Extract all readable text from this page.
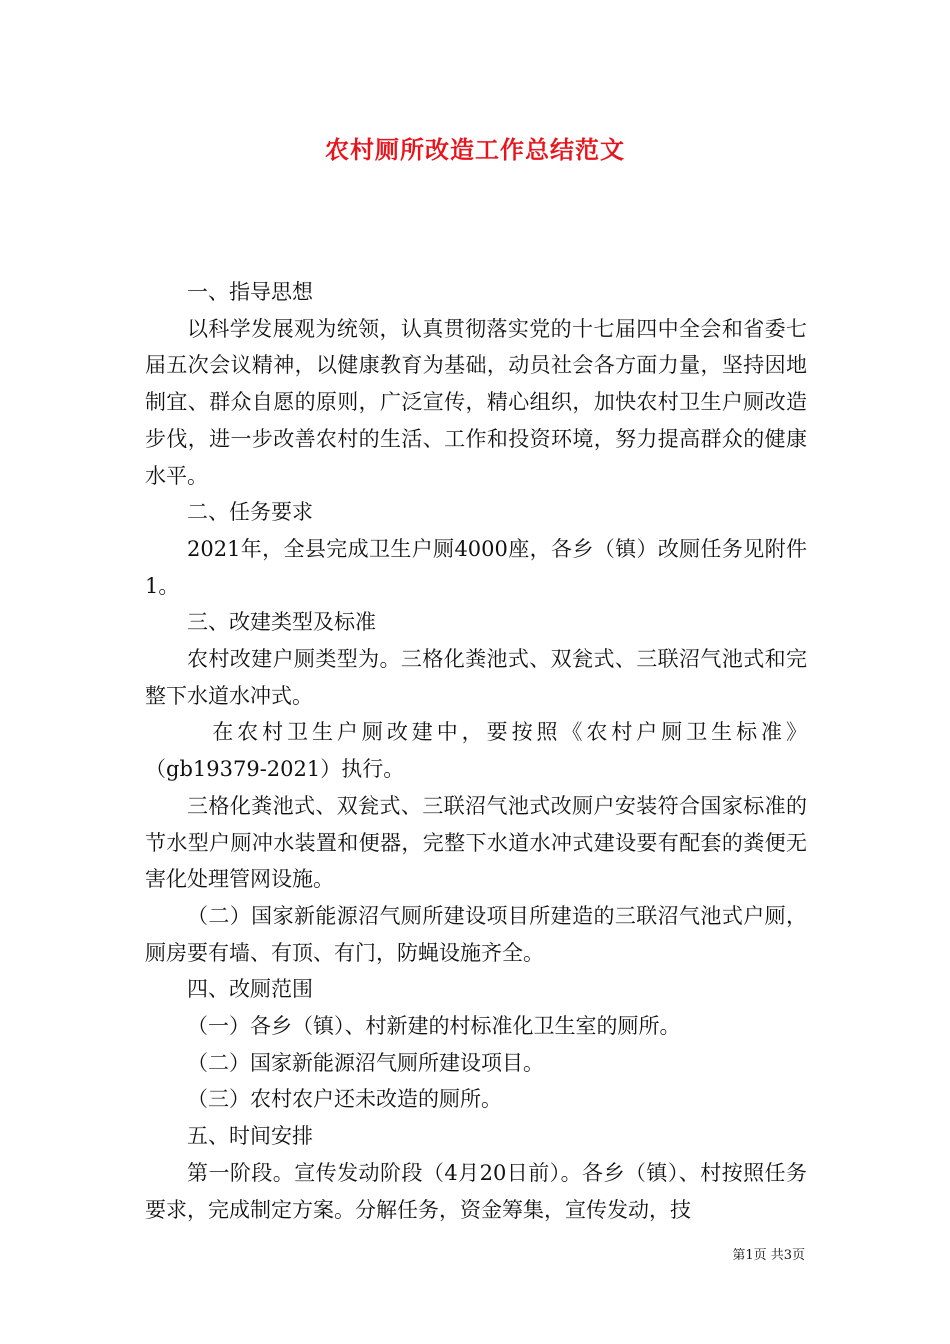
农村厕所改造工作总结范文

一、指导思想

以科学发展观为统领，认真贯彻落实党的十七届四中全会和省委七届五次会议精神，以健康教育为基础，动员社会各方面力量，坚持因地制宜、群众自愿的原则，广泛宣传，精心组织，加快农村卫生户厕改造步伐，进一步改善农村的生活、工作和投资环境，努力提高群众的健康水平。

二、任务要求

2021年，全县完成卫生户厕4000座，各乡（镇）改厕任务见附件1。

三、改建类型及标准

农村改建户厕类型为。三格化粪池式、双瓮式、三联沼气池式和完整下水道水冲式。

在农村卫生户厕改建中，要按照《农村户厕卫生标准》（gb19379-2021）执行。

三格化粪池式、双瓮式、三联沼气池式改厕户安装符合国家标准的节水型户厕冲水装置和便器，完整下水道水冲式建设要有配套的粪便无害化处理管网设施。

（二）国家新能源沼气厕所建设项目所建造的三联沼气池式户厕，厕房要有墙、有顶、有门，防蝇设施齐全。

四、改厕范围

（一）各乡（镇）、村新建的村标准化卫生室的厕所。

（二）国家新能源沼气厕所建设项目。

（三）农村农户还未改造的厕所。

五、时间安排

第一阶段。宣传发动阶段（4月20日前）。各乡（镇）、村按照任务要求，完成制定方案。分解任务，资金筹集，宣传发动，技

第1页 共3页
